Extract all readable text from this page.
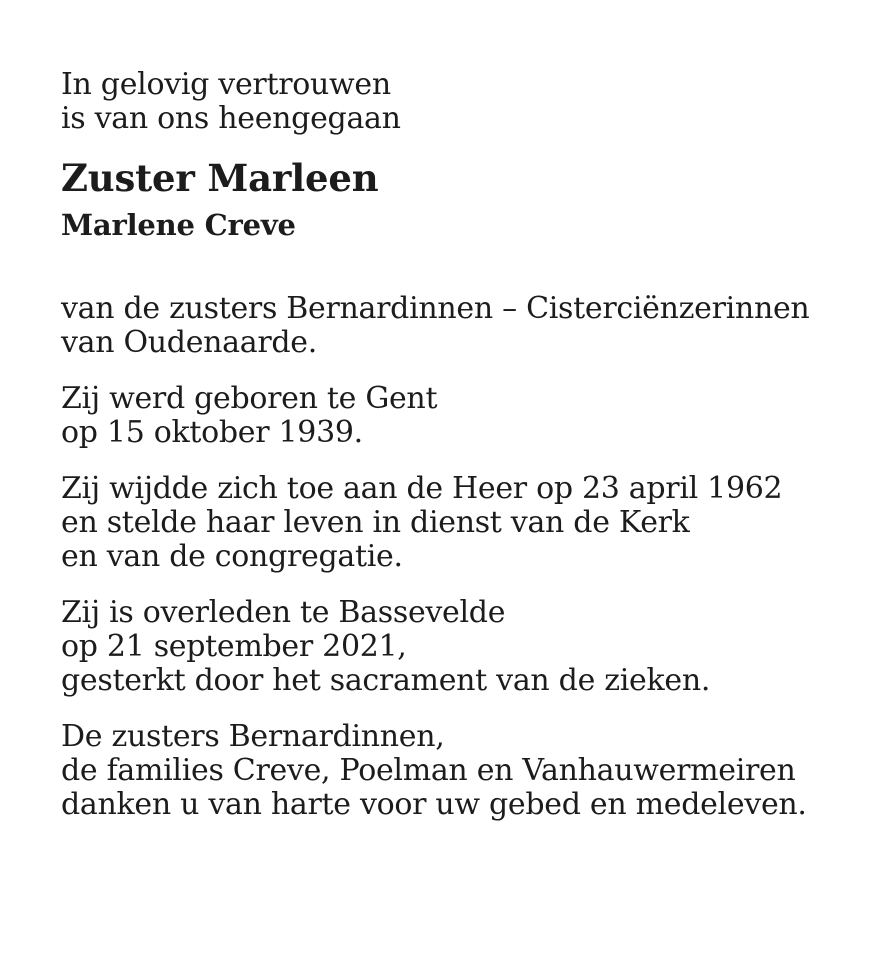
In gelovig vertrouwen
is van ons heengegaan
Zuster Marleen
Marlene Creve
van de zusters Bernardinnen – Cisterciënzerinnen
van Oudenaarde.
Zij werd geboren te Gent
op 15 oktober 1939.
Zij wijdde zich toe aan de Heer op 23 april 1962
en stelde haar leven in dienst van de Kerk
en van de congregatie.
Zij is overleden te Bassevelde
op 21 september 2021,
gesterkt door het sacrament van de zieken.
De zusters Bernardinnen,
de families Creve, Poelman en Vanhauwermeiren
danken u van harte voor uw gebed en medeleven.
